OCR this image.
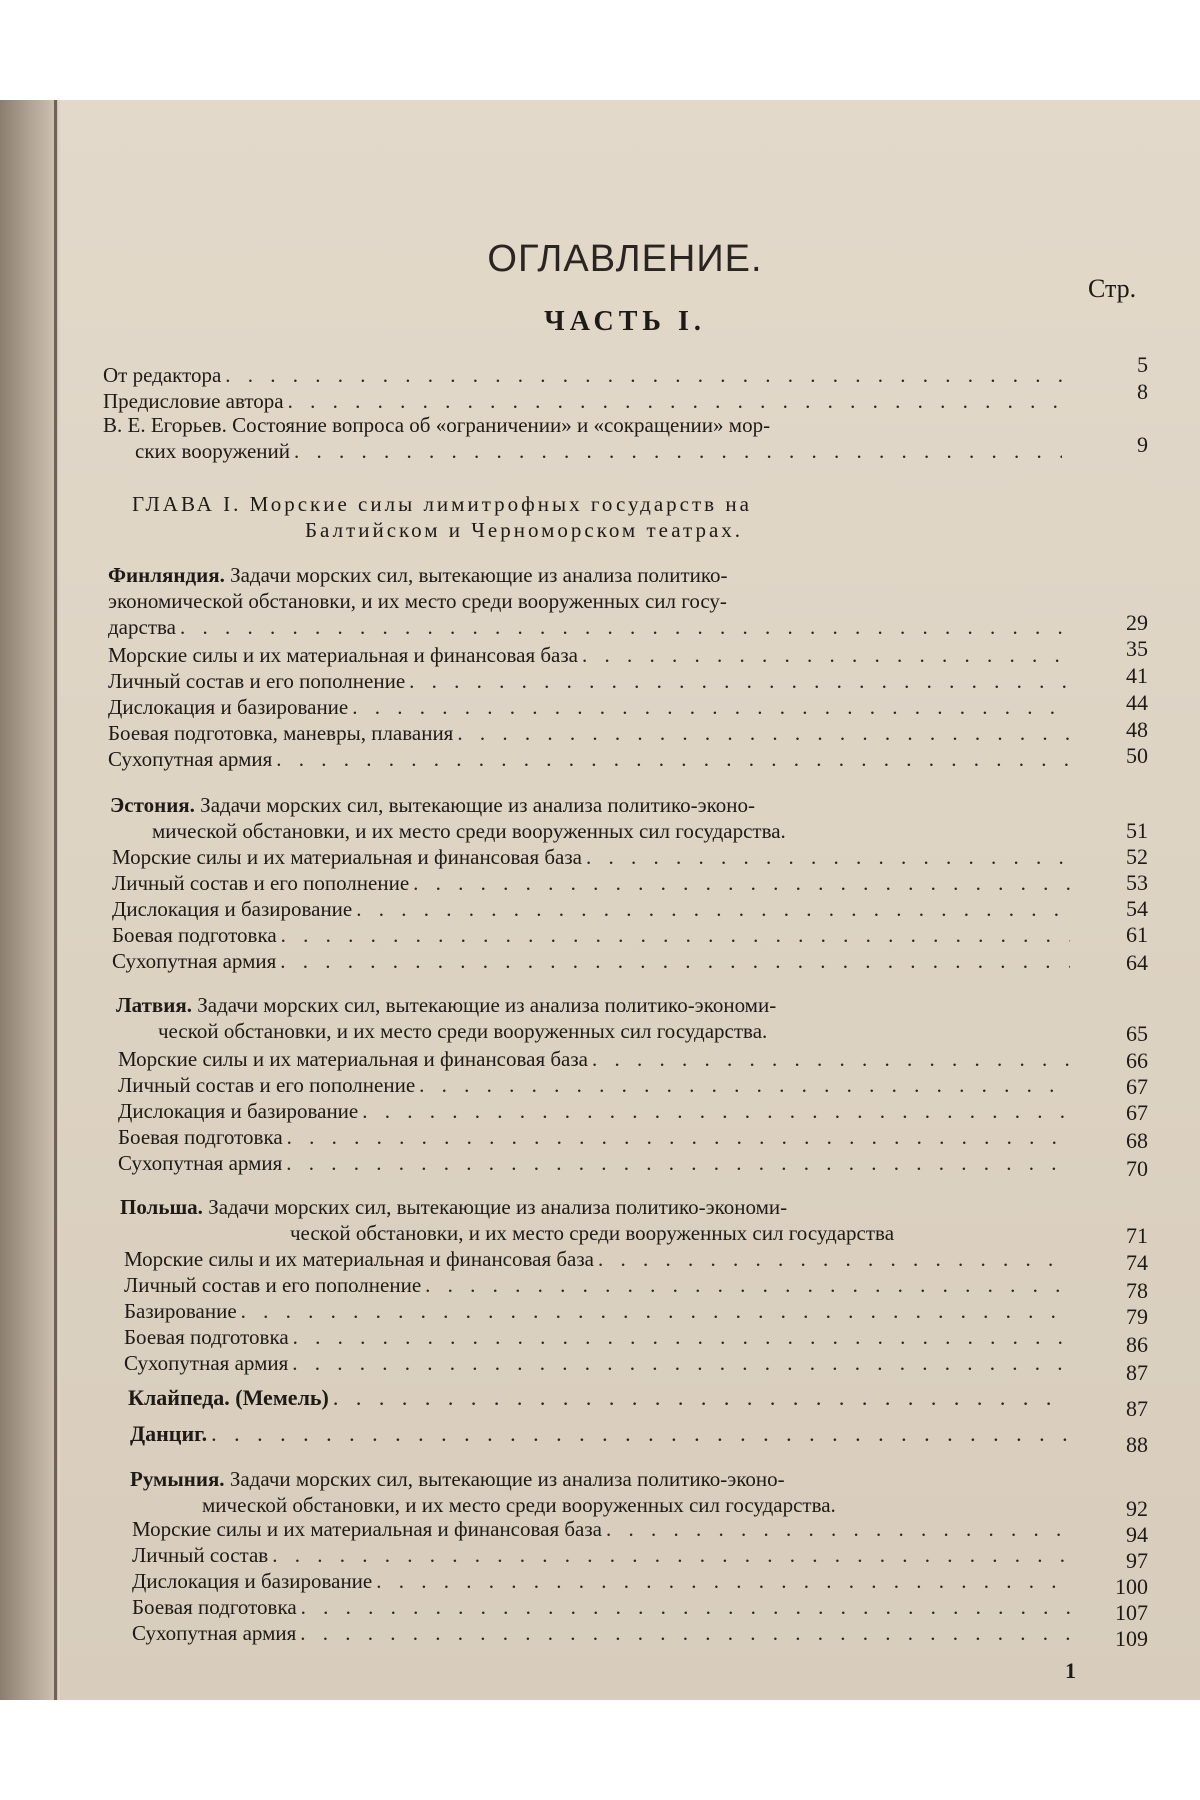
ОГЛАВЛЕНИЕ.
Стр.
ЧАСТЬ I.
От редактора . . .	5
Предисловие автора . . .	8
В. Е. Егорьев. Состояние вопроса об «ограничении» и «сокращении» мор-
ских вооружений . . .	9
ГЛАВА I. Морские силы лимитрофных государств на
Балтийском и Черноморском театрах.
Финляндия. Задачи морских сил, вытекающие из анализа политико-
экономической обстановки, и их место среди вооруженных сил госу-
дарства . . .	29
Морские силы и их материальная и финансовая база . . .	35
Личный состав и его пополнение . . .	41
Дислокация и базирование . . .	44
Боевая подготовка, маневры, плавания . . .	48
Сухопутная армия . . .	50
Эстония. Задачи морских сил, вытекающие из анализа политико-эконо-
мической обстановки, и их место среди вооруженных сил государства.	51
Морские силы и их материальная и финансовая база . . .	52
Личный состав и его пополнение . . .	53
Дислокация и базирование . . .	54
Боевая подготовка . . .	61
Сухопутная армия . . .	64
Латвия. Задачи морских сил, вытекающие из анализа политико-экономи-
ческой обстановки, и их место среди вооруженных сил государства.	65
Морские силы и их материальная и финансовая база . . .	66
Личный состав и его пополнение . . .	67
Дислокация и базирование . . .	67
Боевая подготовка . . .	68
Сухопутная армия . . .	70
Польша. Задачи морских сил, вытекающие из анализа политико-экономи-
ческой обстановки, и их место среди вооруженных сил государства	71
Морские силы и их материальная и финансовая база . . .	74
Личный состав и его пополнение . . .	78
Базирование . . .	79
Боевая подготовка . . .	86
Сухопутная армия . . .	87
Клайпеда. (Мемель) . . .	87
Данциг. . . .	88
Румыния. Задачи морских сил, вытекающие из анализа политико-эконо-
мической обстановки, и их место среди вооруженных сил государства.	92
Морские силы и их материальная и финансовая база . . .	94
Личный состав . . .	97
Дислокация и базирование . . .	100
Боевая подготовка . . .	107
Сухопутная армия . . .	109
1
